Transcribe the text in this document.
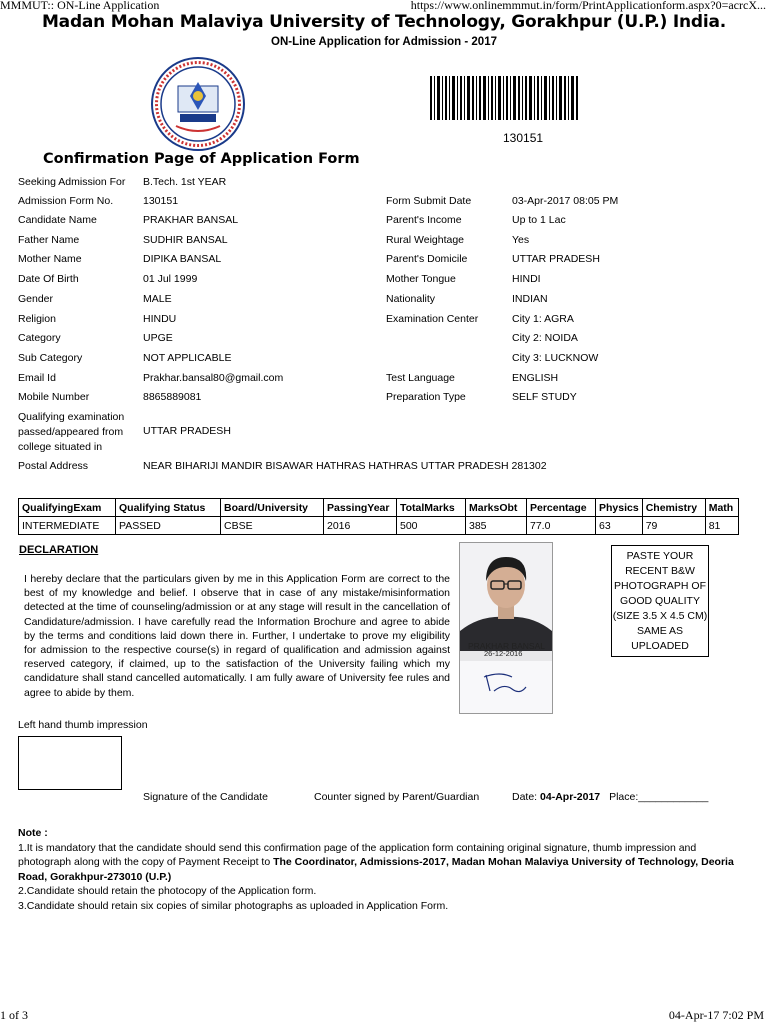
MMMUT:: ON-Line Application	https://www.onlinemmmut.in/form/PrintApplicationform.aspx?0=acrcX...
1 of 3	04-Apr-17 7:02 PM
Madan Mohan Malaviya University of Technology, Gorakhpur (U.P.) India.
ON-Line Application for Admission - 2017
130151
Confirmation Page of Application Form
Seeking Admission For B.Tech. 1st YEAR
Admission Form No.	130151
Candidate Name	PRAKHAR BANSAL
Father Name	SUDHIR BANSAL
Mother Name	DIPIKA BANSAL
Date Of Birth	01 Jul 1999
Gender	MALE
Religion	HINDU
Category	UPGE
Sub Category	NOT APPLICABLE
Email Id	Prakhar.bansal80@gmail.com
Mobile Number	8865889081
Form Submit Date	03-Apr-2017 08:05 PM
Parent's Income	Up to 1 Lac
Rural Weightage	Yes
Parent's Domicile	UTTAR PRADESH
Mother Tongue	HINDI
Nationality	INDIAN
Examination Center	City 1: AGRA
City 2: NOIDA
City 3: LUCKNOW
Test Language	ENGLISH
Preparation Type	SELF STUDY
Qualifying examination passed/appeared from college situated in
UTTAR PRADESH
Postal Address	NEAR BIHARIJI MANDIR BISAWAR HATHRAS HATHRAS UTTAR PRADESH 281302
QualifyingExam	Qualifying Status	Board/University	PassingYear	TotalMarks	MarksObt	Percentage	Physics	Chemistry	Math
INTERMEDIATE	PASSED	CBSE	2016	500	385	77.0	63	79	81
DECLARATION
I hereby declare that the particulars given by me in this Application Form are correct to the best of my knowledge and belief. I observe that in case of any mistake/misinformation detected at the time of counseling/admission or at any stage will result in the cancellation of Candidature/admission. I have carefully read the Information Brochure and agree to abide by the terms and conditions laid down there in. Further, I undertake to prove my eligibility for admission to the respective course(s) in regard of qualification and admission against reserved category, if claimed, up to the satisfaction of the University failing which my candidature shall stand cancelled automatically. I am fully aware of University fee rules and agree to abide by them.
PRAKHAR BANSAL
26-12-2016
PASTE YOUR
RECENT B&W
PHOTOGRAPH OF
GOOD QUALITY
(SIZE 3.5 X 4.5 CM)
SAME AS
UPLOADED
Left hand thumb impression
Signature of the Candidate	Counter signed by Parent/Guardian	Date: 04-Apr-2017 Place:____________
Note :
1.It is mandatory that the candidate should send this confirmation page of the application form containing original signature, thumb impression and photograph along with the copy of Payment Receipt to The Coordinator, Admissions-2017, Madan Mohan Malaviya University of Technology, Deoria Road, Gorakhpur-273010 (U.P.)
2.Candidate should retain the photocopy of the Application form.
3.Candidate should retain six copies of similar photographs as uploaded in Application Form.
